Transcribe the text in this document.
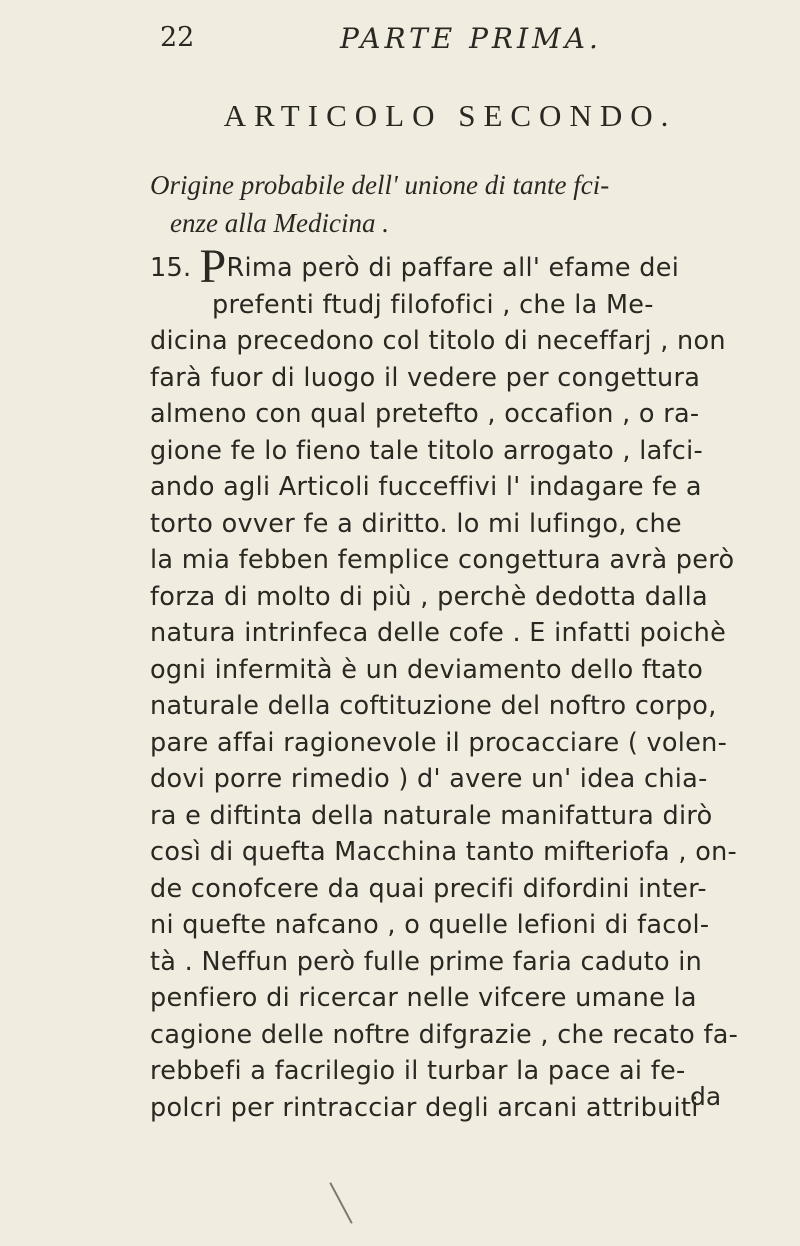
22	PARTE PRIMA.
ARTICOLO SECONDO.
Origine probabile dell' unione di tante fci-
enze alla Medicina .
15. PRima però di paffare all' efame dei
prefenti ftudj filofofici , che la Me-
dicina precedono col titolo di neceffarj , non
farà fuor di luogo il vedere per congettura
almeno con qual pretefto , occafion , o ra-
gione fe lo fieno tale titolo arrogato , lafci-
ando agli Articoli fucceffivi l' indagare fe a
torto ovver fe a diritto. lo mi lufingo, che
la mia febben femplice congettura avrà però
forza di molto di più , perchè dedotta dalla
natura intrinfeca delle cofe . E infatti poichè
ogni infermità è un deviamento dello ftato
naturale della coftituzione del noftro corpo,
pare affai ragionevole il procacciare ( volen-
dovi porre rimedio ) d' avere un' idea chia-
ra e diftinta della naturale manifattura dirò
così di quefta Macchina tanto mifteriofa , on-
de conofcere da quai precifi difordini inter-
ni quefte nafcano , o quelle lefioni di facol-
tà . Neffun però fulle prime faria caduto in
penfiero di ricercar nelle vifcere umane la
cagione delle noftre difgrazie , che recato fa-
rebbefi a facrilegio il turbar la pace ai fe-
polcri per rintracciar degli arcani attribuiti
da
